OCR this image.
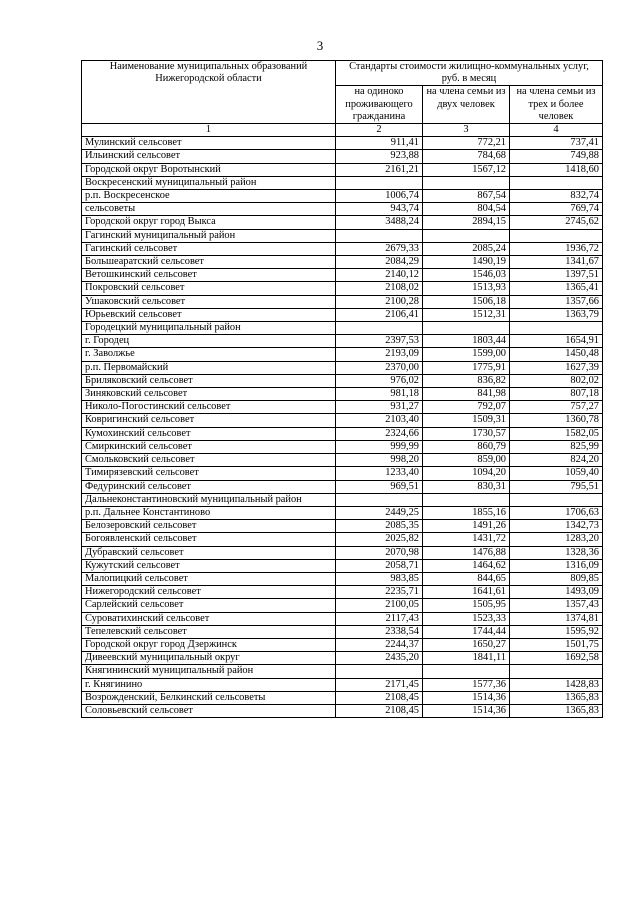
3
Наименование муниципальных образований Нижегородской области	Стандарты стоимости жилищно-коммунальных услуг, руб. в месяц		
	на одиноко проживающего гражданина	на члена семьи из двух человек	на члена семьи из трех и более человек
1	2	3	4
Мулинский сельсовет	911,41	772,21	737,41
Ильинский сельсовет	923,88	784,68	749,88
Городской округ Воротынский	2161,21	1567,12	1418,60
Воскресенский муниципальный район			
р.п. Воскресенское	1006,74	867,54	832,74
сельсоветы	943,74	804,54	769,74
Городской округ город Выкса	3488,24	2894,15	2745,62
Гагинский муниципальный район			
Гагинский сельсовет	2679,33	2085,24	1936,72
Большеаратский сельсовет	2084,29	1490,19	1341,67
Ветошкинский сельсовет	2140,12	1546,03	1397,51
Покровский сельсовет	2108,02	1513,93	1365,41
Ушаковский сельсовет	2100,28	1506,18	1357,66
Юрьевский сельсовет	2106,41	1512,31	1363,79
Городецкий муниципальный район			
г. Городец	2397,53	1803,44	1654,91
г. Заволжье	2193,09	1599,00	1450,48
р.п. Первомайский	2370,00	1775,91	1627,39
Бриляковский сельсовет	976,02	836,82	802,02
Зиняковский сельсовет	981,18	841,98	807,18
Николо-Погостинский сельсовет	931,27	792,07	757,27
Ковригинский сельсовет	2103,40	1509,31	1360,78
Кумохинский сельсовет	2324,66	1730,57	1582,05
Смиркинский сельсовет	999,99	860,79	825,99
Смольковский сельсовет	998,20	859,00	824,20
Тимирязевский сельсовет	1233,40	1094,20	1059,40
Федуринский сельсовет	969,51	830,31	795,51
Дальнеконстантиновский муниципальный район			
р.п. Дальнее Константиново	2449,25	1855,16	1706,63
Белозеровский сельсовет	2085,35	1491,26	1342,73
Богоявленский сельсовет	2025,82	1431,72	1283,20
Дубравский сельсовет	2070,98	1476,88	1328,36
Кужутский сельсовет	2058,71	1464,62	1316,09
Малопицкий сельсовет	983,85	844,65	809,85
Нижегородский сельсовет	2235,71	1641,61	1493,09
Сарлейский сельсовет	2100,05	1505,95	1357,43
Суроватихинский сельсовет	2117,43	1523,33	1374,81
Тепелевский сельсовет	2338,54	1744,44	1595,92
Городской округ город Дзержинск	2244,37	1650,27	1501,75
Дивеевский муниципальный округ	2435,20	1841,11	1692,58
Княгининский муниципальный район			
г. Княгинино	2171,45	1577,36	1428,83
Возрожденский, Белкинский сельсоветы	2108,45	1514,36	1365,83
Соловьевский сельсовет	2108,45	1514,36	1365,83
